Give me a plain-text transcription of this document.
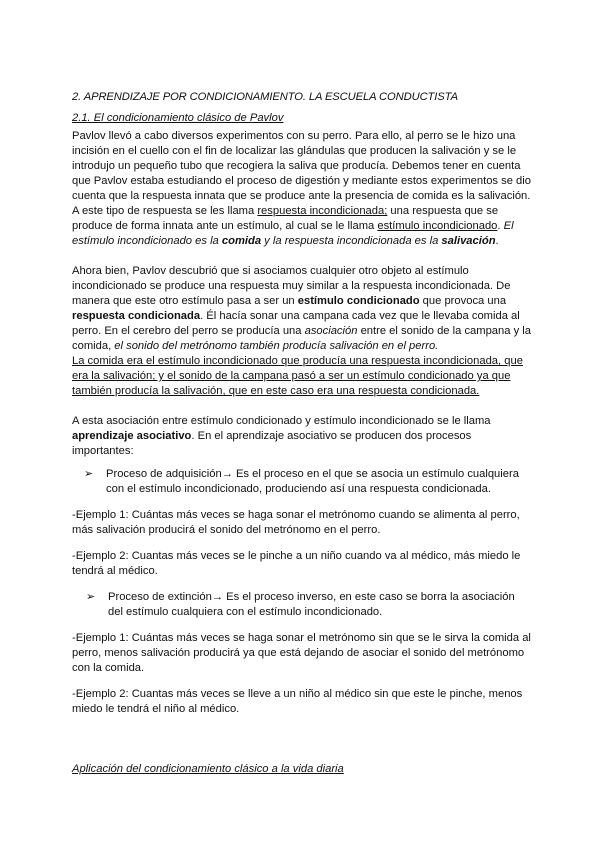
2. APRENDIZAJE POR CONDICIONAMIENTO. LA ESCUELA CONDUCTISTA

2.1. El condicionamiento clásico de Pavlov

Pavlov llevó a cabo diversos experimentos con su perro. Para ello, al perro se le hizo una incisión en el cuello con el fin de localizar las glándulas que producen la salivación y se le introdujo un pequeño tubo que recogiera la saliva que producía. Debemos tener en cuenta que Pavlov estaba estudiando el proceso de digestión y mediante estos experimentos se dio cuenta que la respuesta innata que se produce ante la presencia de comida es la salivación. A este tipo de respuesta se les llama respuesta incondicionada; una respuesta que se produce de forma innata ante un estímulo, al cual se le llama estímulo incondicionado. El estímulo incondicionado es la comida y la respuesta incondicionada es la salivación.

Ahora bien, Pavlov descubrió que si asociamos cualquier otro objeto al estímulo incondicionado se produce una respuesta muy similar a la respuesta incondicionada. De manera que este otro estímulo pasa a ser un estímulo condicionado que provoca una respuesta condicionada. Él hacía sonar una campana cada vez que le llevaba comida al perro. En el cerebro del perro se producía una asociación entre el sonido de la campana y la comida, el sonido del metrónomo también producía salivación en el perro.
La comida era el estímulo incondicionado que producía una respuesta incondicionada, que era la salivación; y el sonido de la campana pasó a ser un estímulo condicionado ya que también producía la salivación, que en este caso era una respuesta condicionada.

A esta asociación entre estímulo condicionado y estímulo incondicionado se le llama aprendizaje asociativo. En el aprendizaje asociativo se producen dos procesos importantes:

➢ Proceso de adquisición→ Es el proceso en el que se asocia un estímulo cualquiera con el estímulo incondicionado, produciendo así una respuesta condicionada.

-Ejemplo 1: Cuántas más veces se haga sonar el metrónomo cuando se alimenta al perro, más salivación producirá el sonido del metrónomo en el perro.

-Ejemplo 2: Cuantas más veces se le pinche a un niño cuando va al médico, más miedo le tendrá al médico.

➢ Proceso de extinción→ Es el proceso inverso, en este caso se borra la asociación del estímulo cualquiera con el estímulo incondicionado.

-Ejemplo 1: Cuántas más veces se haga sonar el metrónomo sin que se le sirva la comida al perro, menos salivación producirá ya que está dejando de asociar el sonido del metrónomo con la comida.

-Ejemplo 2: Cuantas más veces se lleve a un niño al médico sin que este le pinche, menos miedo le tendrá el niño al médico.

Aplicación del condicionamiento clásico a la vida diaria
